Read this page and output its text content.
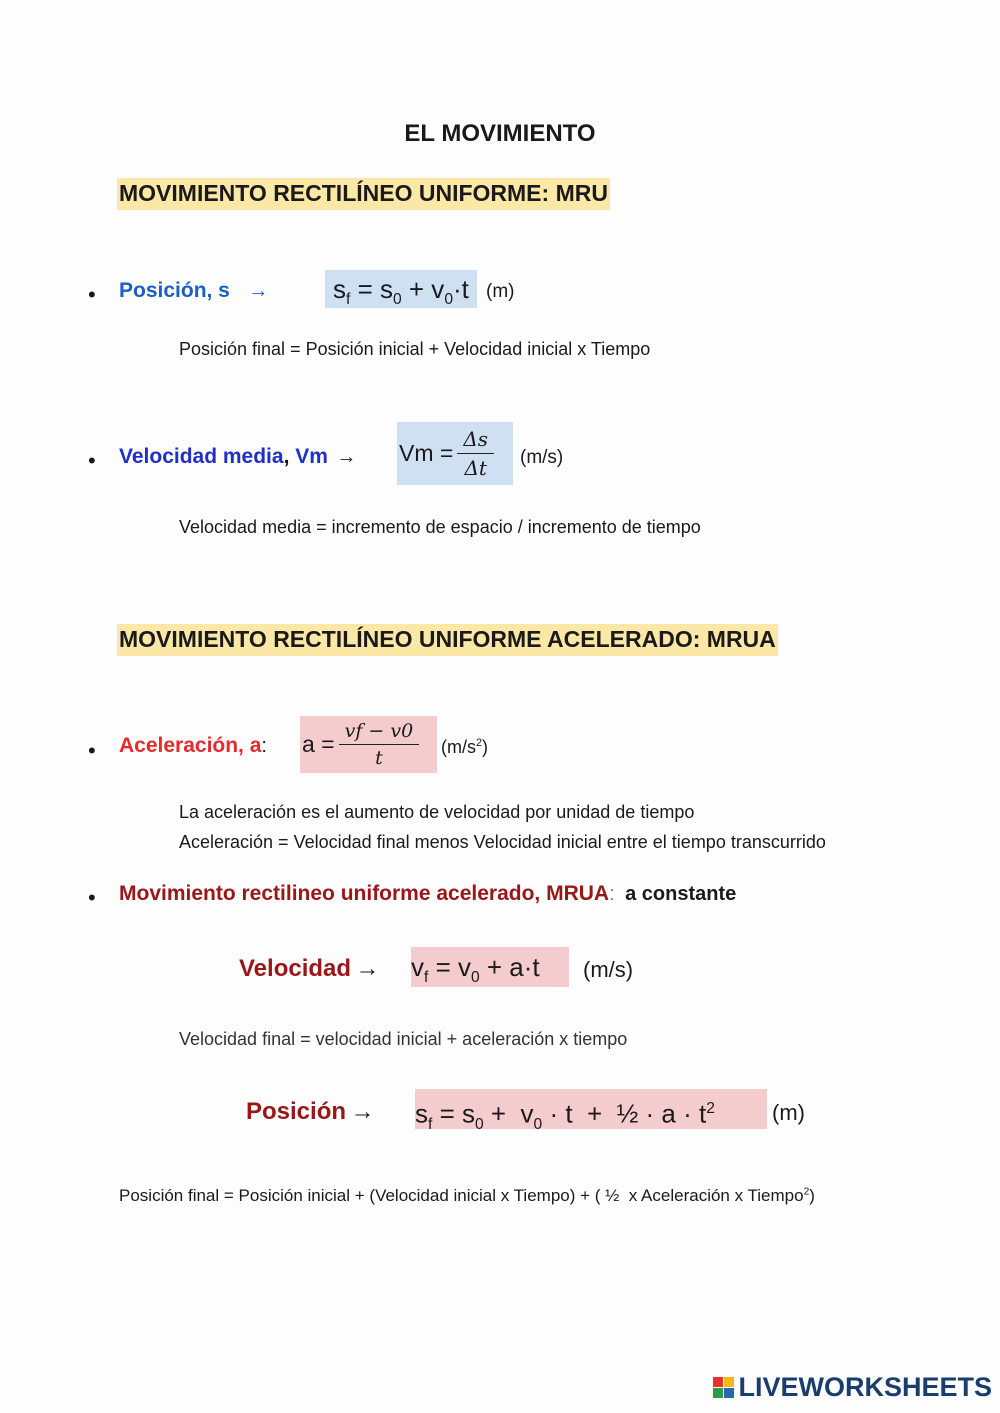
EL MOVIMIENTO
MOVIMIENTO RECTILÍNEO UNIFORME: MRU
• Posición, s →	$s_f = s_0 + v_0\cdot t$ (m)
Posición final = Posición inicial + Velocidad inicial x Tiempo
• Velocidad media, $Vm \to Vm = \frac{\Delta s}{\Delta t} (m/s)$
Velocidad media = incremento de espacio / incremento de tiempo
MOVIMIENTO RECTILÍNEO UNIFORME ACELERADO: MRUA
• Aceleración, a: $a = \frac{vf - v0}{t} (m/s^2)$
La aceleración es el aumento de velocidad por unidad de tiempo
Aceleración = Velocidad final menos Velocidad inicial entre el tiempo transcurrido
• Movimiento rectilineo uniforme acelerado, MRUA: a constante
Velocidad → $v_f = v_0 + a\cdot t$	(m/s)
Velocidad final = velocidad inicial + aceleración x tiempo
Posición → $s_f = s_0 + v_0 \cdot t$  +  ½ · $a \cdot t^2$	(m)
Posición final = Posición inicial + (Velocidad inicial x Tiempo) + ( ½  x Aceleración x Tiempo$^2$)
LIVEWORKSHEETS
